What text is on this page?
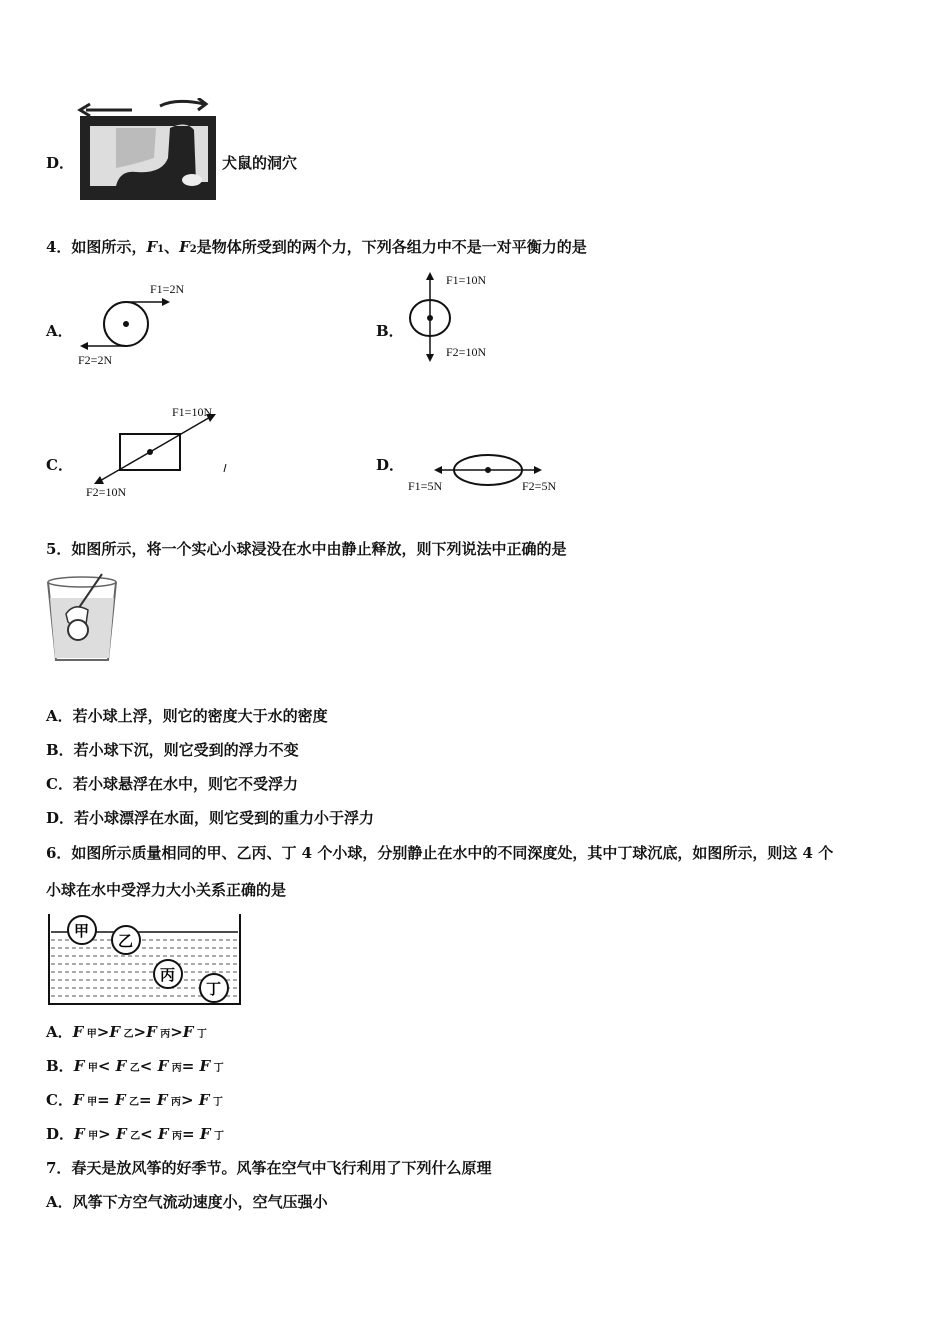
D．	犬鼠的洞穴
4．如图所示，F1、F2是物体所受到的两个力，下列各组力中不是一对平衡力的是
A．
F1=2N
F2=2N
B．
F1=10N
F2=10N
C．
F1=10N
F2=10N
D．
F1=5N	F2=5N
5．如图所示，将一个实心小球浸没在水中由静止释放，则下列说法中正确的是
A．若小球上浮，则它的密度大于水的密度
B．若小球下沉，则它受到的浮力不变
C．若小球悬浮在水中，则它不受浮力
D．若小球漂浮在水面，则它受到的重力小于浮力
6．如图所示质量相同的甲、乙丙、丁 4 个小球，分别静止在水中的不同深度处，其中丁球沉底，如图所示，则这 4 个
小球在水中受浮力大小关系正确的是
甲
乙
丙
丁
A．F 甲>F 乙>F 丙>F 丁
B．F 甲< F 乙< F 丙= F 丁
C．F 甲= F 乙= F 丙> F 丁
D．F 甲> F 乙< F 丙= F 丁
7．春天是放风筝的好季节。风筝在空气中飞行利用了下列什么原理
A．风筝下方空气流动速度小，空气压强小
